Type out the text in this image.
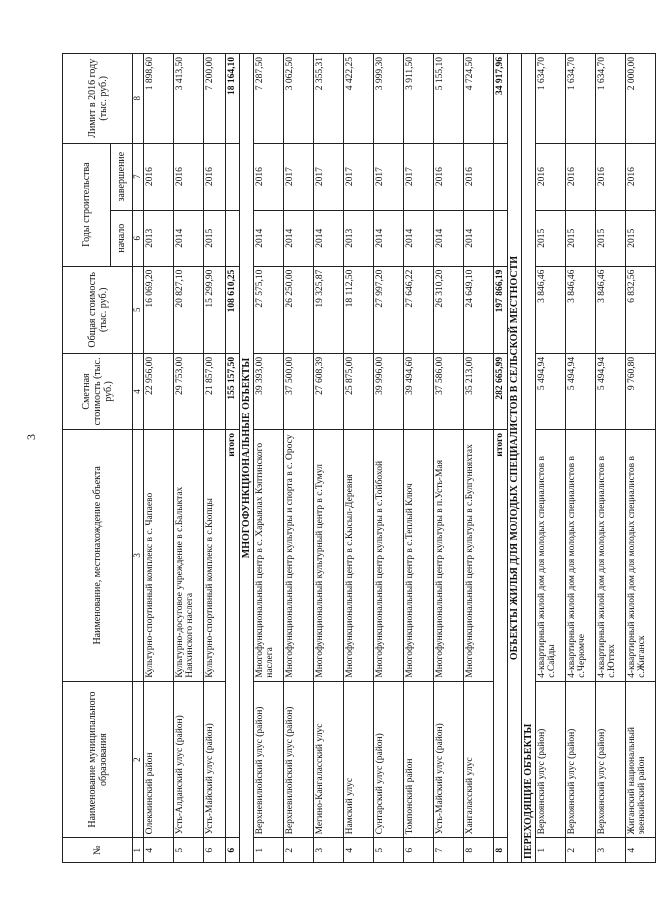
3
№	Наименование муниципального образования	Наименование, местонахождение объекта	Сметная стоимость (тыс. руб.)	Общая стоимость (тыс. руб.)	Годы строительства		Лимит в 2016 году (тыс. руб.)
					начало	завершение	
1	2	3	4	5	6	7	8
4	Олекминский район	Культурно-спортивный комплекс в с. Чапаево	22 956,00	16 069,20	2013	2016	1 898,60
5	Усть-Алданский улус (район)	Культурно-досуговое учреждение в с.Балыктах Наяхинского наслега	29 753,00	20 827,10	2014	2016	3 413,50
6	Усть-Майский улус (район)	Культурно-спортивный комплекс в с.Кюпцы	21 857,00	15 299,90	2015	2016	7 200,00
6	итого		155 157,50	108 610,25			18 164,10
МНОГОФУНКЦИОНАЛЬНЫЕ ОБЪЕКТЫ							
1	Верхневилюйский улус (район)	Многофункциональный центр в с. Харыялах Кэптинского наслега	39 393,00	27 575,10	2014	2016	7 287,50
2	Верхневилюйский улус (район)	Многофункциональный центр культуры и спорта в с. Оросу	37 500,00	26 250,00	2014	2017	3 062,50
3	Мегино-Кангаласский улус	Многофункциональный культурный центр в с.Тумул	27 608,39	19 325,87	2014	2017	2 355,31
4	Намский улус	Многофункциональный центр в с.Кысыл-Деревня	25 875,00	18 112,50	2013	2017	4 422,25
5	Сунтарский улус (район)	Многофункциональный центр культуры в с.Тойбохой	39 996,00	27 997,20	2014	2017	3 999,30
6	Томпонский район	Многофункциональный центр в с.Теплый Ключ	39 494,60	27 646,22	2014	2017	3 911,50
7	Усть-Майский улус (район)	Многофункциональный центр культуры в п.Усть-Мая	37 586,00	26 310,20	2014	2016	5 155,10
8	Хангаласский улус	Многофункциональный центр культуры в с.Булгунняхтах	35 213,00	24 649,10	2014	2016	4 724,50
8	итого		282 665,99	197 866,19			34 917,96
ОБЪЕКТЫ ЖИЛЬЯ ДЛЯ МОЛОДЫХ СПЕЦИАЛИСТОВ В СЕЛЬСКОЙ МЕСТНОСТИ							
ПЕРЕХОДЯЩИЕ ОБЪЕКТЫ							
1	Верхоянский улус (район)	4-квартирный жилой дом для молодых специалистов в с.Сайды	5 494,94	3 846,46	2015	2016	1 634,70
2	Верхоянский улус (район)	4-квартирный жилой дом для молодых специалистов в с.Черюмче	5 494,94	3 846,46	2015	2016	1 634,70
3	Верхоянский улус (район)	4-квартирный жилой дом для молодых специалистов в с.Юттях	5 494,94	3 846,46	2015	2016	1 634,70
4	Жиганский национальный эвенкийский район	4-квартирный жилой дом для молодых специалистов в с.Жиганск	9 760,80	6 832,56	2015	2016	2 000,00
